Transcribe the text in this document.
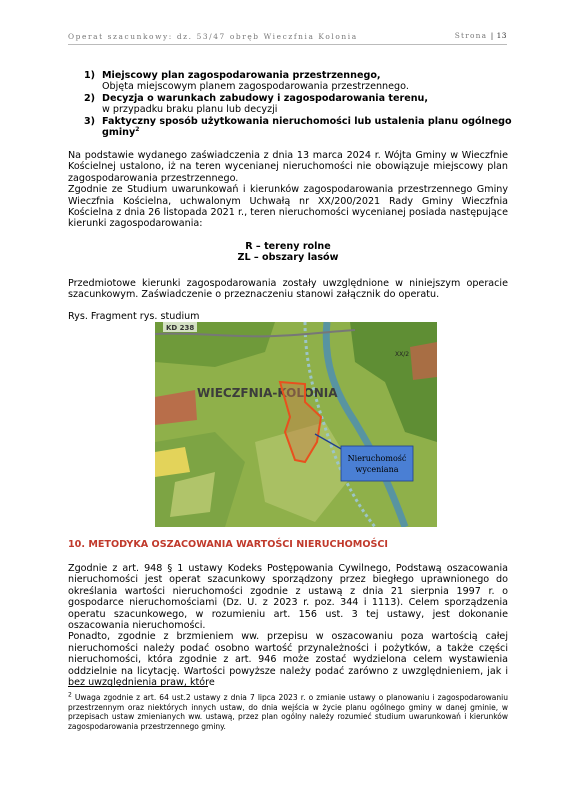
Operat szacunkowy: dz. 53/47 obręb Wieczfnia Kolonia	Strona | 13
1) Miejscowy plan zagospodarowania przestrzennego,
Objęta miejscowym planem zagospodarowania przestrzennego.
2) Decyzja o warunkach zabudowy i zagospodarowania terenu,
w przypadku braku planu lub decyzji
3) Faktyczny sposób użytkowania nieruchomości lub ustalenia planu ogólnego gminy$^2$

Na podstawie wydanego zaświadczenia z dnia 13 marca 2024 r. Wójta Gminy w Wieczfnie Kościelnej ustalono, iż na teren wycenianej nieruchomości nie obowiązuje miejscowy plan zagospodarowania przestrzennego.

Zgodnie ze Studium uwarunkowań i kierunków zagospodarowania przestrzennego Gminy Wieczfnia Kościelna, uchwalonym Uchwałą nr XX/200/2021 Rady Gminy Wieczfnia Kościelna z dnia 26 listopada 2021 r., teren nieruchomości wycenianej posiada następujące kierunki zagospodarowania:

R – tereny rolne
ZL – obszary lasów

Przedmiotowe kierunki zagospodarowania zostały uwzględnione w niniejszym operacie szacunkowym. Zaświadczenie o przeznaczeniu stanowi załącznik do operatu.

Rys. Fragment rys. studium
KD 238
XX/2
WIECZFNIA-KOLONIA
Nieruchomość
wyceniana
10. METODYKA OSZACOWANIA WARTOŚCI NIERUCHOMOŚCI

Zgodnie z art. 948 § 1 ustawy Kodeks Postępowania Cywilnego, Podstawą oszacowania nieruchomości jest operat szacunkowy sporządzony przez biegłego uprawnionego do określania wartości nieruchomości zgodnie z ustawą z dnia 21 sierpnia 1997 r. o gospodarce nieruchomościami (Dz. U. z 2023 r. poz. 344 i 1113). Celem sporządzenia operatu szacunkowego, w rozumieniu art. 156 ust. 3 tej ustawy, jest dokonanie oszacowania nieruchomości.

Ponadto, zgodnie z brzmieniem ww. przepisu w oszacowaniu poza wartością całej nieruchomości należy podać osobno wartość przynależności i pożytków, a także części nieruchomości, która zgodnie z art. 946 może zostać wydzielona celem wystawienia oddzielnie na licytację. Wartości powyższe należy podać zarówno z uwzględnieniem, jak i bez uwzględnienia praw, które

$^2$ Uwaga zgodnie z art. 64 ust.2 ustawy z dnia 7 lipca 2023 r. o zmianie ustawy o planowaniu i zagospodarowaniu przestrzennym oraz niektórych innych ustaw, do dnia wejścia w życie planu ogólnego gminy w danej gminie, w przepisach ustaw zmienianych ww. ustawą, przez plan ogólny należy rozumieć studium uwarunkowań i kierunków zagospodarowania przestrzennego gminy.
